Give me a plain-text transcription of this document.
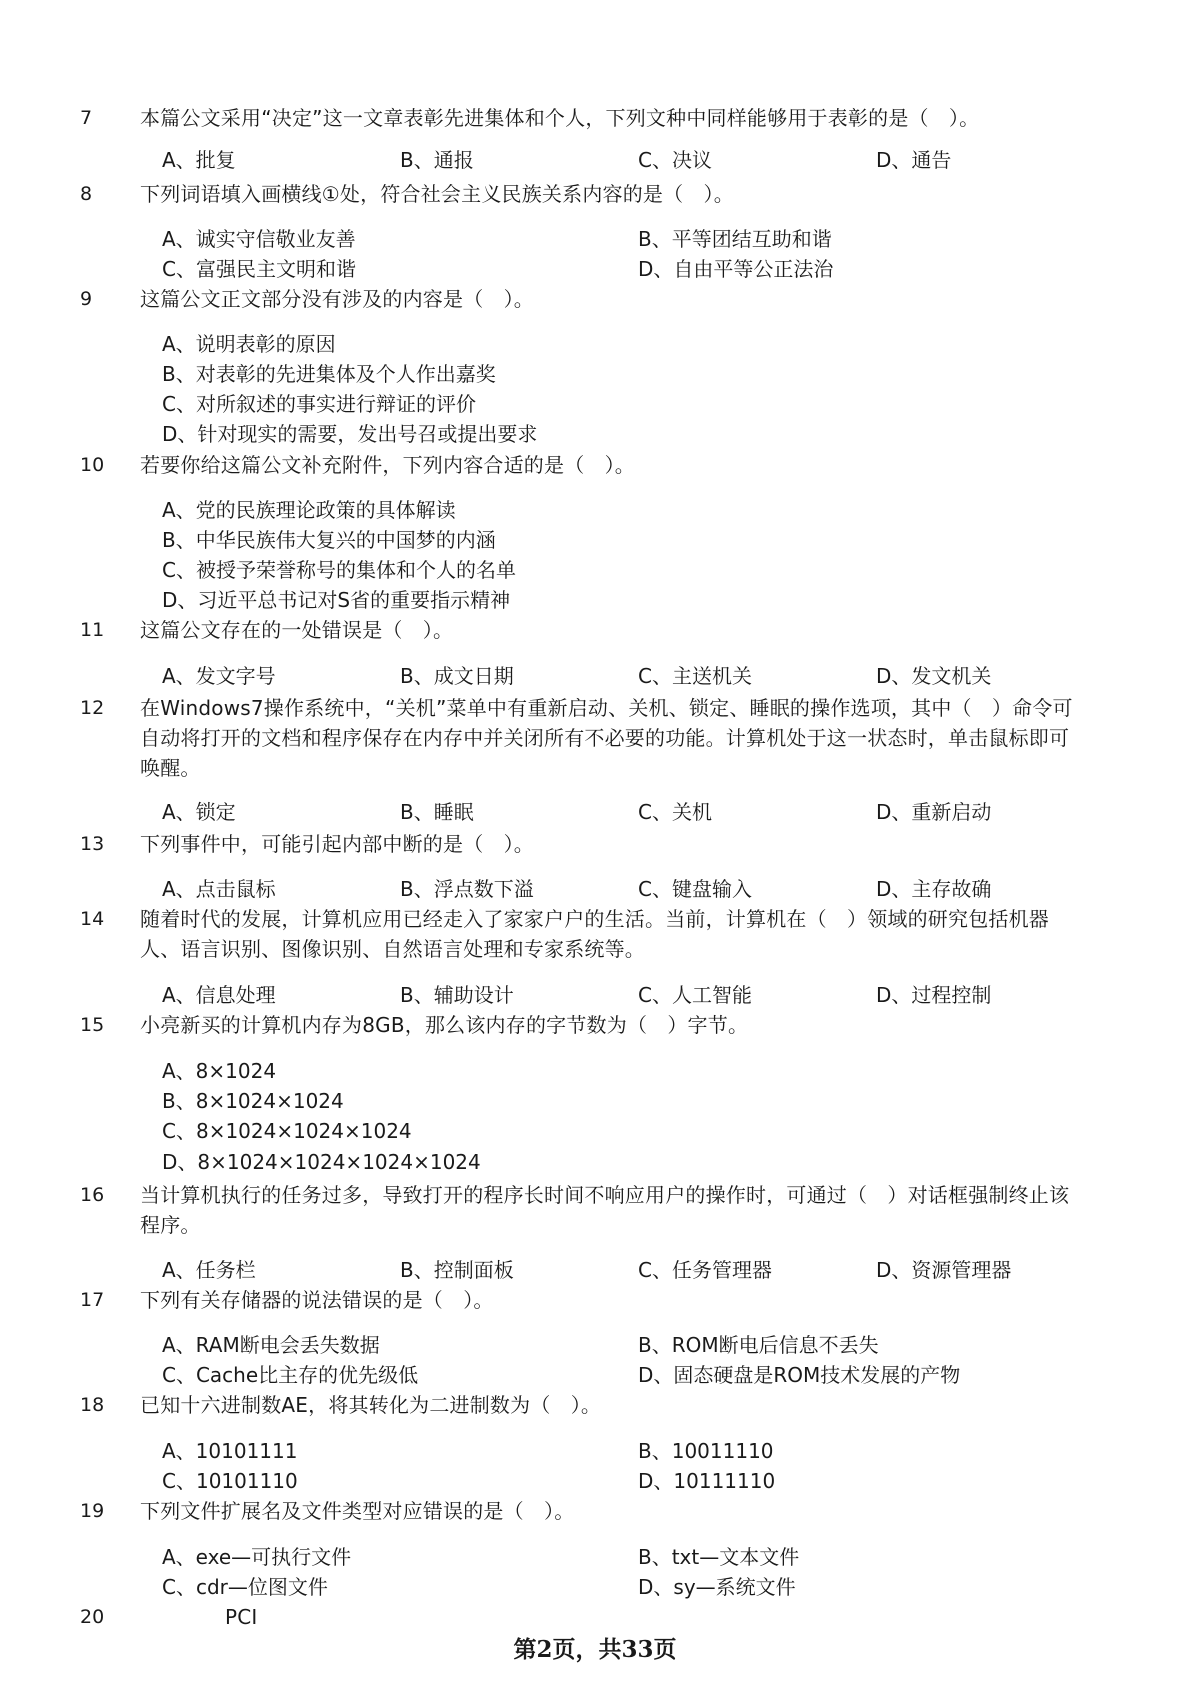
7	本篇公文采用“决定”这一文章表彰先进集体和个人，下列文种中同样能够用于表彰的是（　）。
A、批复	B、通报	C、决议	D、通告
8	下列词语填入画横线①处，符合社会主义民族关系内容的是（　）。
A、诚实守信敬业友善	B、平等团结互助和谐
C、富强民主文明和谐	D、自由平等公正法治
9	这篇公文正文部分没有涉及的内容是（　）。
A、说明表彰的原因
B、对表彰的先进集体及个人作出嘉奖
C、对所叙述的事实进行辩证的评价
D、针对现实的需要，发出号召或提出要求
10	若要你给这篇公文补充附件，下列内容合适的是（　）。
A、党的民族理论政策的具体解读
B、中华民族伟大复兴的中国梦的内涵
C、被授予荣誉称号的集体和个人的名单
D、习近平总书记对S省的重要指示精神
11	这篇公文存在的一处错误是（　）。
A、发文字号	B、成文日期	C、主送机关	D、发文机关
12	在Windows7操作系统中，“关机”菜单中有重新启动、关机、锁定、睡眠的操作选项，其中（　）命令可自动将打开的文档和程序保存在内存中并关闭所有不必要的功能。计算机处于这一状态时，单击鼠标即可唤醒。
A、锁定	B、睡眠	C、关机	D、重新启动
13	下列事件中，可能引起内部中断的是（　）。
A、点击鼠标	B、浮点数下溢	C、键盘输入	D、主存故确
14	随着时代的发展，计算机应用已经走入了家家户户的生活。当前，计算机在（　）领域的研究包括机器人、语言识别、图像识别、自然语言处理和专家系统等。
A、信息处理	B、辅助设计	C、人工智能	D、过程控制
15	小亮新买的计算机内存为8GB，那么该内存的字节数为（　）字节。
A、8×1024
B、8×1024×1024
C、8×1024×1024×1024
D、8×1024×1024×1024×1024
16	当计算机执行的任务过多，导致打开的程序长时间不响应用户的操作时，可通过（　）对话框强制终止该程序。
A、任务栏	B、控制面板	C、任务管理器	D、资源管理器
17	下列有关存储器的说法错误的是（　）。
A、RAM断电会丢失数据	B、ROM断电后信息不丢失
C、Cache比主存的优先级低	D、固态硬盘是ROM技术发展的产物
18	已知十六进制数AE，将其转化为二进制数为（　）。
A、10101111	B、10011110
C、10101110	D、10111110
19	下列文件扩展名及文件类型对应错误的是（　）。
A、exe—可执行文件	B、txt—文本文件
C、cdr—位图文件	D、sy—系统文件
20	PCI
第2页，共33页
